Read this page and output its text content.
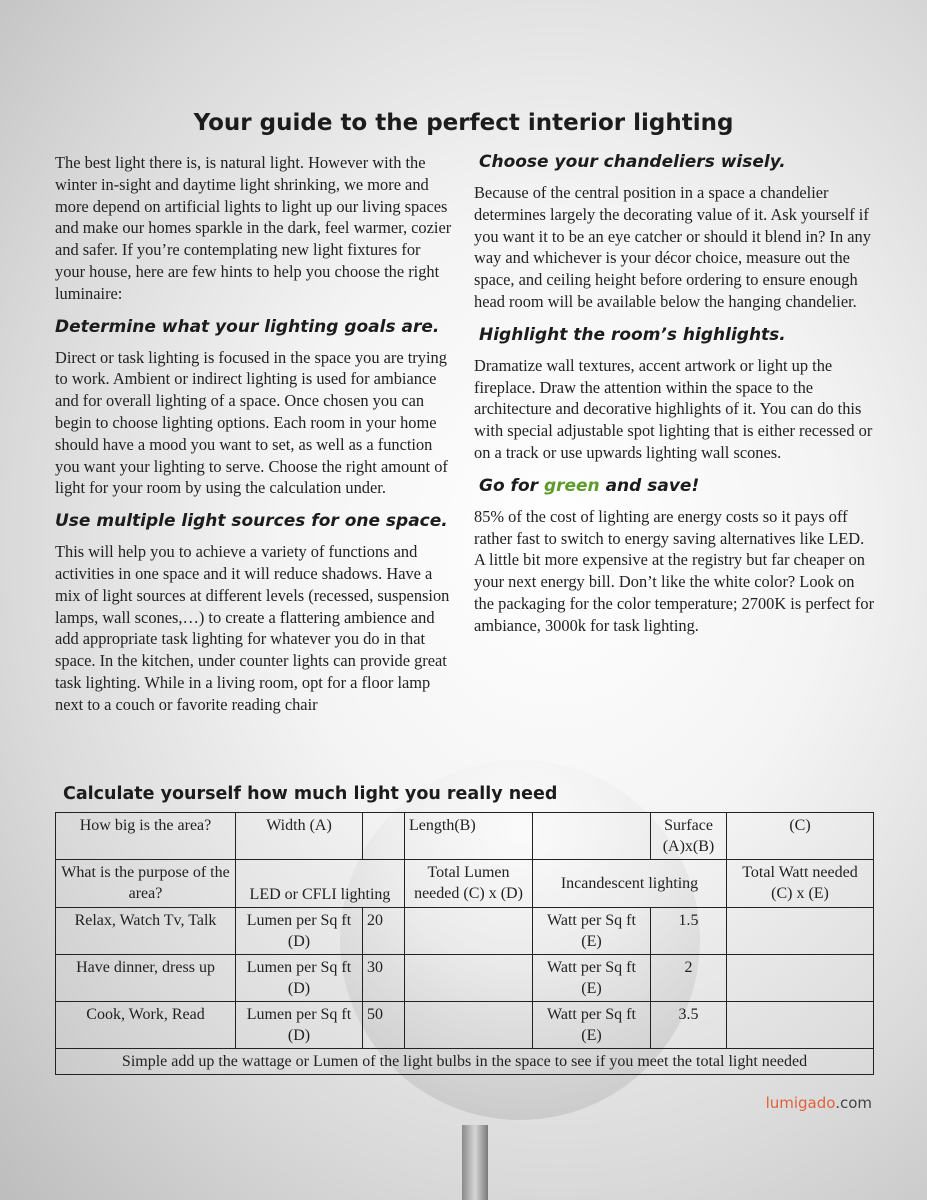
Your guide to the perfect interior lighting

The best light there is, is natural light. However with the winter in-sight and daytime light shrinking, we more and more depend on artificial lights to light up our living spaces and make our homes sparkle in the dark, feel warmer, cozier and safer. If you’re contemplating new light fixtures for your house, here are few hints to help you choose the right luminaire:

Determine what your lighting goals are.

Direct or task lighting is focused in the space you are trying to work. Ambient or indirect lighting is used for ambiance and for overall lighting of a space. Once chosen you can begin to choose lighting options. Each room in your home should have a mood you want to set, as well as a function you want your lighting to serve. Choose the right amount of light for your room by using the calculation under.

Use multiple light sources for one space.

This will help you to achieve a variety of functions and activities in one space and it will reduce shadows. Have a mix of light sources at different levels (recessed, suspension lamps, wall scones,…) to create a flattering ambience and add appropriate task lighting for whatever you do in that space. In the kitchen, under counter lights can provide great task lighting. While in a living room, opt for a floor lamp next to a couch or favorite reading chair

Choose your chandeliers wisely.

Because of the central position in a space a chandelier determines largely the decorating value of it. Ask yourself if you want it to be an eye catcher or should it blend in? In any way and whichever is your décor choice, measure out the space, and ceiling height before ordering to ensure enough head room will be available below the hanging chandelier.

Highlight the room’s highlights.

Dramatize wall textures, accent artwork or light up the fireplace. Draw the attention within the space to the architecture and decorative highlights of it. You can do this with special adjustable spot lighting that is either recessed or on a track or use upwards lighting wall scones.

Go for green and save!

85% of the cost of lighting are energy costs so it pays off rather fast to switch to energy saving alternatives like LED. A little bit more expensive at the registry but far cheaper on your next energy bill. Don’t like the white color? Look on the packaging for the color temperature; 2700K is perfect for ambiance, 3000k for task lighting.

Calculate yourself how much light you really need
How big is the area?	Width (A)		Length(B)		Surface (A)x(B)	(C)
What is the purpose of the area?	LED or CFLI lighting		Total Lumen needed (C) x (D)	Incandescent lighting		Total Watt needed (C) x (E)
Relax, Watch Tv, Talk	Lumen per Sq ft (D)	20		Watt per Sq ft (E)	1.5	
Have dinner, dress up	Lumen per Sq ft (D)	30		Watt per Sq ft (E)	2	
Cook, Work, Read	Lumen per Sq ft (D)	50		Watt per Sq ft (E)	3.5	
Simple add up the wattage or Lumen of the light bulbs in the space to see if you meet the total light needed						
lumigado.com
